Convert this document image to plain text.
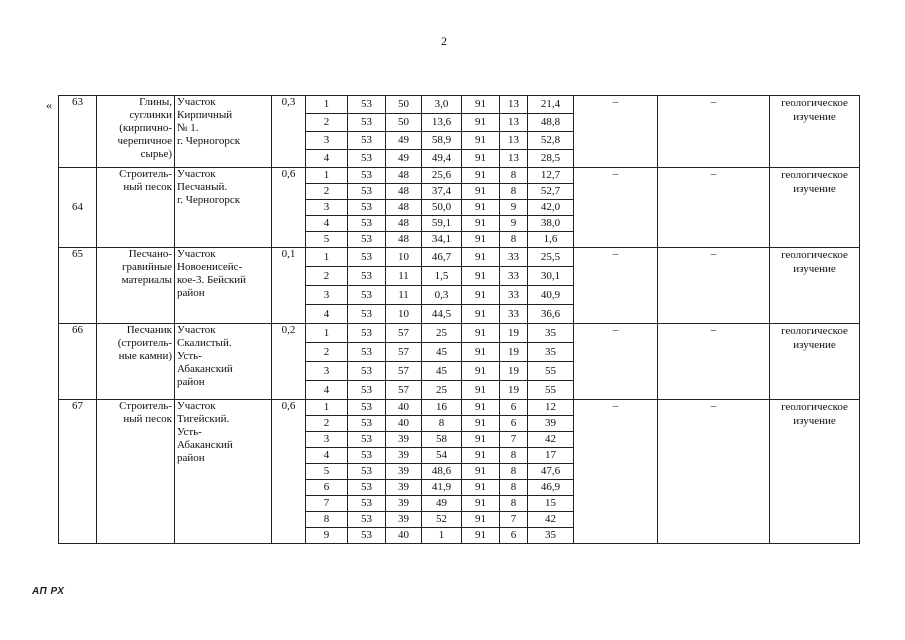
2
« 63	Глины,
суглинки
(кирпично-
черепичное
сырье)	Участок
Кирпичный
№ 1.
г. Черногорск	0,3	1	53	50	3,0	91	13	21,4	–	–	геологическое
изучение
				2	53	50	13,6	91	13	48,8			
				3	53	49	58,9	91	13	52,8			
				4	53	49	49,4	91	13	28,5			
64	Строитель-
ный песок	Участок
Песчаный.
г. Черногорск	0,6	1	53	48	25,6	91	8	12,7	–	–	геологическое
изучение
				2	53	48	37,4	91	8	52,7			
				3	53	48	50,0	91	9	42,0			
				4	53	48	59,1	91	9	38,0			
				5	53	48	34,1	91	8	1,6			
65	Песчано-
гравийные
материалы	Участок
Новоенисейс-
кое-3. Бейский
район	0,1	1	53	10	46,7	91	33	25,5	–	–	геологическое
изучение
				2	53	11	1,5	91	33	30,1			
				3	53	11	0,3	91	33	40,9			
				4	53	10	44,5	91	33	36,6			
66	Песчаник
(строитель-
ные камни)	Участок
Скалистый.
Усть-
Абаканский
район	0,2	1	53	57	25	91	19	35	–	–	геологическое
изучение
				2	53	57	45	91	19	35			
				3	53	57	45	91	19	55			
				4	53	57	25	91	19	55			
67	Строитель-
ный песок	Участок
Тигейский.
Усть-
Абаканский
район	0,6	1	53	40	16	91	6	12	–	–	геологическое
изучение
				2	53	40	8	91	6	39			
				3	53	39	58	91	7	42			
				4	53	39	54	91	8	17			
				5	53	39	48,6	91	8	47,6			
				6	53	39	41,9	91	8	46,9			
				7	53	39	49	91	8	15			
				8	53	39	52	91	7	42			
				9	53	40	1	91	6	35			
АП РХ
